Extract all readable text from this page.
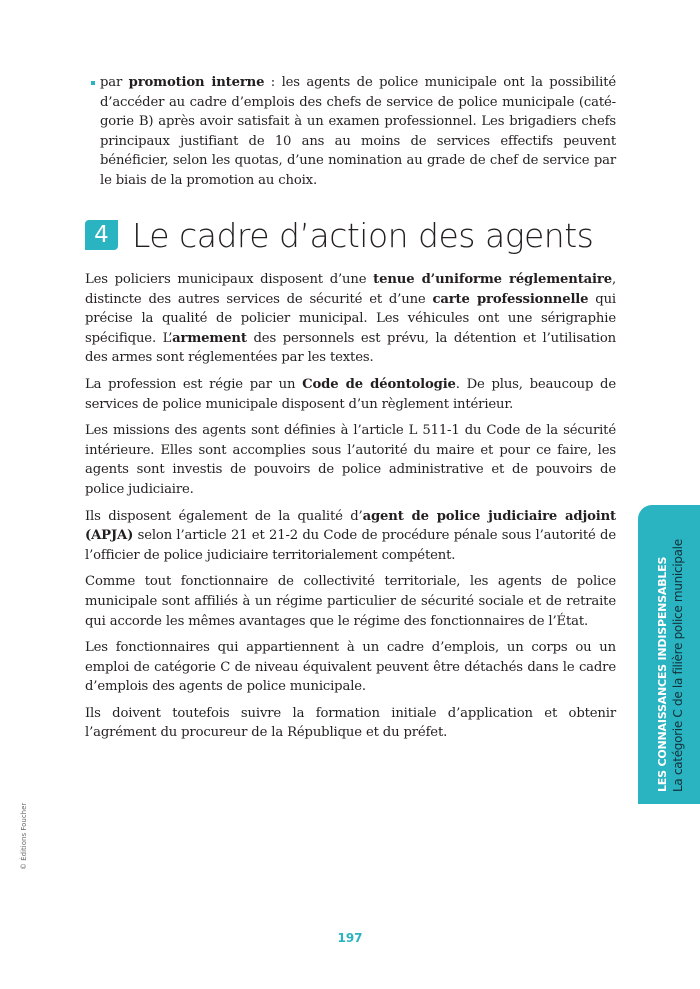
par promotion interne : les agents de police municipale ont la possibilité d’accéder au cadre d’emplois des chefs de service de police municipale (caté-gorie B) après avoir satisfait à un examen professionnel. Les brigadiers chefs principaux justifiant de 10 ans au moins de services effectifs peuvent bénéficier, selon les quotas, d’une nomination au grade de chef de service par le biais de la promotion au choix.

4 Le cadre d’action des agents

Les policiers municipaux disposent d’une tenue d’uniforme réglementaire, distincte des autres services de sécurité et d’une carte professionnelle qui précise la qualité de policier municipal. Les véhicules ont une sérigraphie spécifique. L’armement des personnels est prévu, la détention et l’utilisation des armes sont réglementées par les textes.

La profession est régie par un Code de déontologie. De plus, beaucoup de services de police municipale disposent d’un règlement intérieur.

Les missions des agents sont définies à l’article L 511-1 du Code de la sécurité intérieure. Elles sont accomplies sous l’autorité du maire et pour ce faire, les agents sont investis de pouvoirs de police administrative et de pouvoirs de police judiciaire.

Ils disposent également de la qualité d’agent de police judiciaire adjoint (APJA) selon l’article 21 et 21-2 du Code de procédure pénale sous l’autorité de l’officier de police judiciaire territorialement compétent.

Comme tout fonctionnaire de collectivité territoriale, les agents de police municipale sont affiliés à un régime particulier de sécurité sociale et de retraite qui accorde les mêmes avantages que le régime des fonctionnaires de l’État.

Les fonctionnaires qui appartiennent à un cadre d’emplois, un corps ou un emploi de catégorie C de niveau équivalent peuvent être détachés dans le cadre d’emplois des agents de police municipale.

Ils doivent toutefois suivre la formation initiale d’application et obtenir l’agrément du procureur de la République et du préfet.	LES CONNAISSANCES INDISPENSABLES La catégorie C de la filière police municipale
© Éditions Foucher
197
